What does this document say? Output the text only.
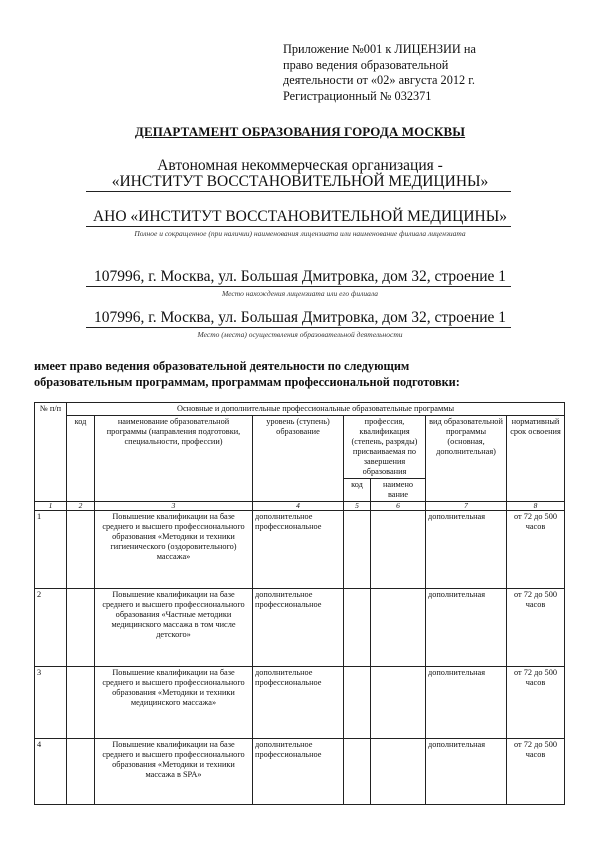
Приложение №001 к ЛИЦЕНЗИИ на
право ведения образовательной
деятельности от «02» августа 2012 г.
Регистрационный № 032371
ДЕПАРТАМЕНТ ОБРАЗОВАНИЯ ГОРОДА МОСКВЫ
Автономная некоммерческая организация -
«ИНСТИТУТ ВОССТАНОВИТЕЛЬНОЙ МЕДИЦИНЫ»
АНО «ИНСТИТУТ ВОССТАНОВИТЕЛЬНОЙ МЕДИЦИНЫ»
Полное и сокращенное (при наличии) наименования лицензиата или наименование филиала лицензиата
107996, г. Москва, ул. Большая Дмитровка, дом 32, строение 1
Место нахождения лицензиата или его филиала
107996, г. Москва, ул. Большая Дмитровка, дом 32, строение 1
Место (места) осуществления образовательной деятельности
имеет право ведения образовательной деятельности по следующим
образовательным программам, программам профессиональной подготовки:
№ п/п	Основные и дополнительные профессиональные образовательные программы						
	код	наименование образовательной программы (направления подготовки, специальности, профессии)	уровень (ступень) образование	профессия, квалификация (степень, разряды) присваиваемая по завершения образования		вид образовательной программы (основная, дополнительная)	нормативный срок освоения
				код	наимено вание		
1	2	3	4	5	6	7	8
1		Повышение квалификации на базе среднего и высшего профессионального образования «Методики и техники гигиенического (оздоровительного) массажа»	дополнительное профессиональное			дополнительная	от 72 до 500 часов
2		Повышение квалификации на базе среднего и высшего профессионального образования «Частные методики медицинского массажа в том числе детского»	дополнительное профессиональное			дополнительная	от 72 до 500 часов
3		Повышение квалификации на базе среднего и высшего профессионального образования «Методики и техники медицинского массажа»	дополнительное профессиональное			дополнительная	от 72 до 500 часов
4		Повышение квалификации на базе среднего и высшего профессионального образования «Методики и техники массажа в SPA»	дополнительное профессиональное			дополнительная	от 72 до 500 часов
